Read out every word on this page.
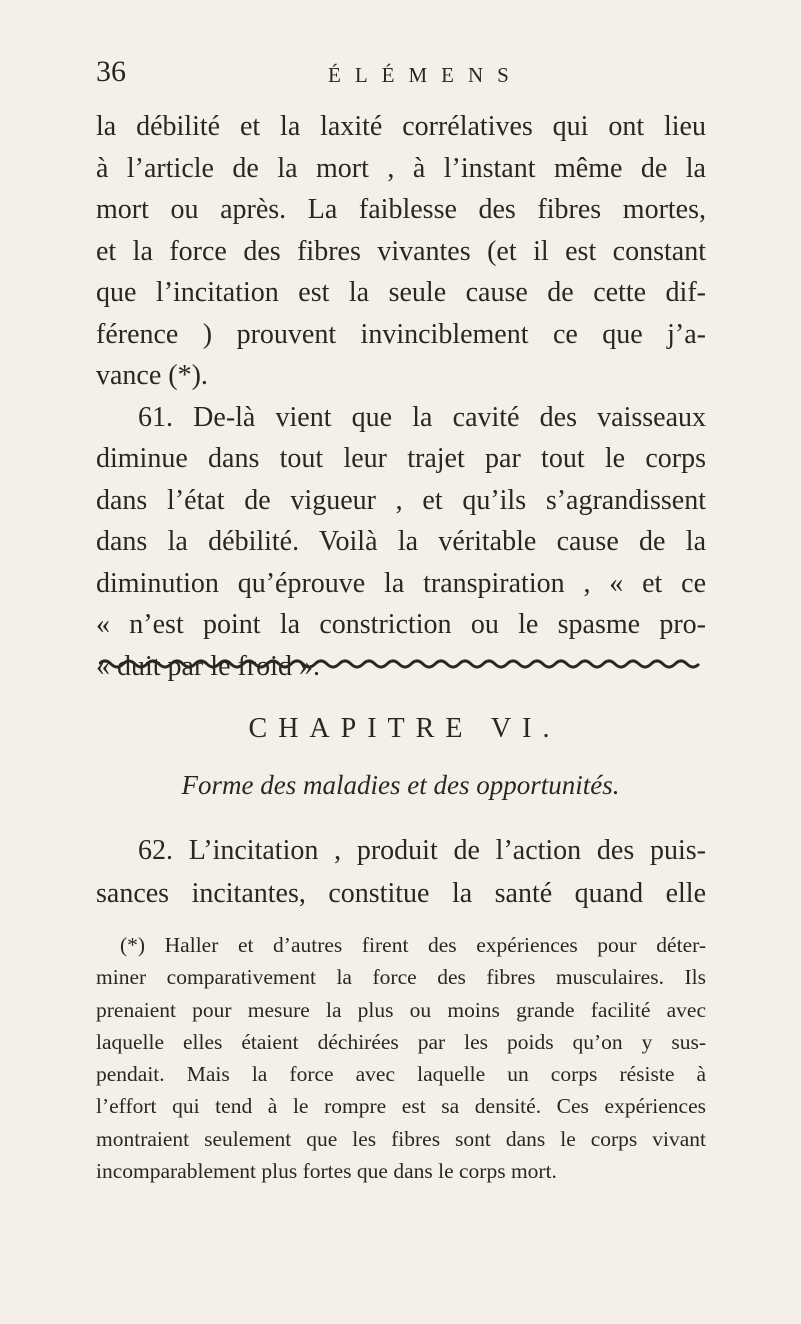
36	ÉLÉMENS
la débilité et la laxité corrélatives qui ont lieu
à l’article de la mort , à l’instant même de la
mort ou après. La faiblesse des fibres mortes,
et la force des fibres vivantes (et il est constant
que l’incitation est la seule cause de cette dif-
férence ) prouvent invinciblement ce que j’a-
vance (*).
61. De-là vient que la cavité des vaisseaux
diminue dans tout leur trajet par tout le corps
dans l’état de vigueur , et qu’ils s’agrandissent
dans la débilité. Voilà la véritable cause de la
diminution qu’éprouve la transpiration , « et ce
« n’est point la constriction ou le spasme pro-
« duit par le froid ».
CHAPITRE VI.
Forme des maladies et des opportunités.
62. L’incitation , produit de l’action des puis-
sances incitantes, constitue la santé quand elle
(*) Haller et d’autres firent des expériences pour déter-
miner comparativement la force des fibres musculaires. Ils
prenaient pour mesure la plus ou moins grande facilité avec
laquelle elles étaient déchirées par les poids qu’on y sus-
pendait. Mais la force avec laquelle un corps résiste à
l’effort qui tend à le rompre est sa densité. Ces expériences
montraient seulement que les fibres sont dans le corps vivant
incomparablement plus fortes que dans le corps mort.
